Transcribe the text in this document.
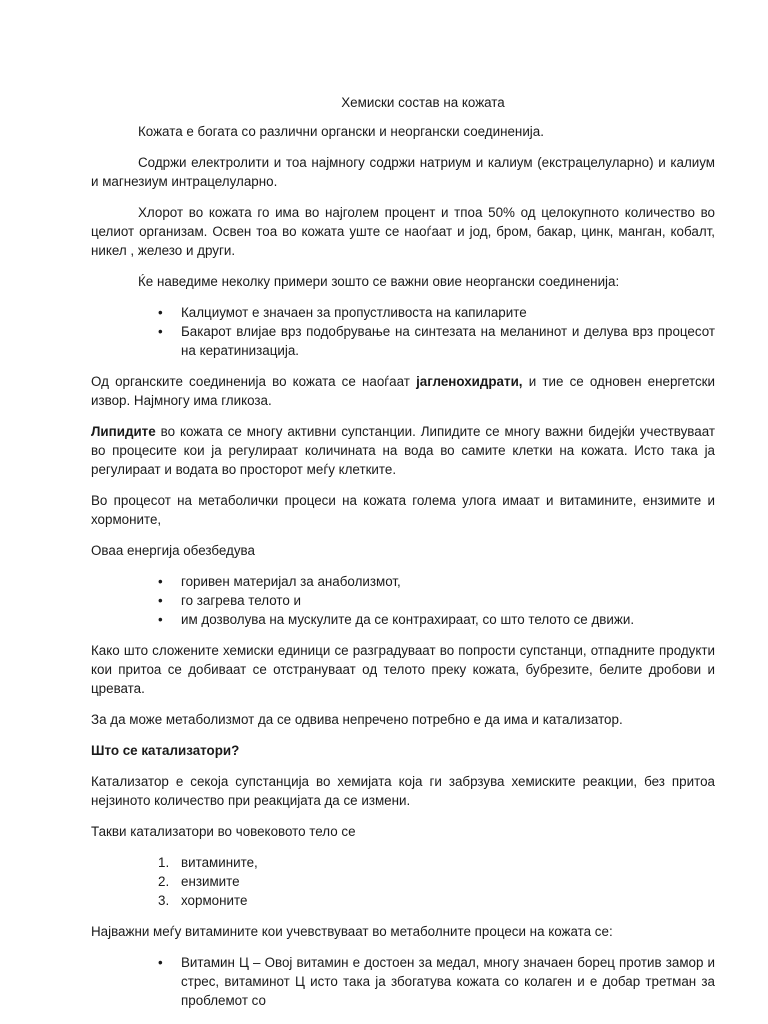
Хемиски состав на кожата

Кожата е богата со различни органски и неоргански соединенија.

Содржи електролити и тоа најмногу содржи натриум и калиум (екстрацелуларно) и калиум и магнезиум интрацелуларно.

Хлорот во кожата го има во најголем процент и тпоа 50% од целокупното количество во целиот организам. Освен тоа во кожата уште се наоѓаат и јод, бром, бакар, цинк, манган, кобалт, никел , железо и други.

Ќе наведиме неколку примери зошто се важни овие неоргански соединенија:

• Калциумот е значаен за пропустливоста на капиларите
• Бакарот влијае врз подобрување на синтезата на меланинот и делува врз процесот на кератинизација.

Од органските соединенија во кожата се наоѓаат јагленохидрати, и тие се одновен енергетски извор. Најмногу има гликоза.

Липидите во кожата се многу активни супстанции. Липидите се многу важни бидејќи учествуваат во процесите кои ја регулираат количината на вода во самите клетки на кожата. Исто така ја регулираат и водата во просторот меѓу клетките.

Во процесот на метаболички процеси на кожата голема улога имаат и витамините, ензимите и хормоните,

Оваа енергија обезбедува

• горивен материјал за анаболизмот,
• го загрева телото и
• им дозволува на мускулите да се контрахираат, со што телото се движи.

Како што сложените хемиски единици се разградуваат во попрости супстанци, отпадните продукти кои притоа се добиваат се отстрануваат од телото преку кожата, бубрезите, белите дробови и цревата.

За да може метаболизмот да се одвива непречено потребно е да има и катализатор.

Што се катализатори?

Катализатор е секоја супстанција во хемијата која ги забрзува хемиските реакции, без притоа нејзиното количество при реакцијата да се измени.

Такви катализатори во човековото тело се

1. витамините,
2. ензимите
3. хормоните

Најважни меѓу витамините кои учевствуваат во метаболните процеси на кожата се:

• Витамин Ц – Овој витамин е достоен за медал, многу значаен борец против замор и стрес, витаминот Ц исто така ја збогатува кожата со колаген и е добар третман за проблемот со
